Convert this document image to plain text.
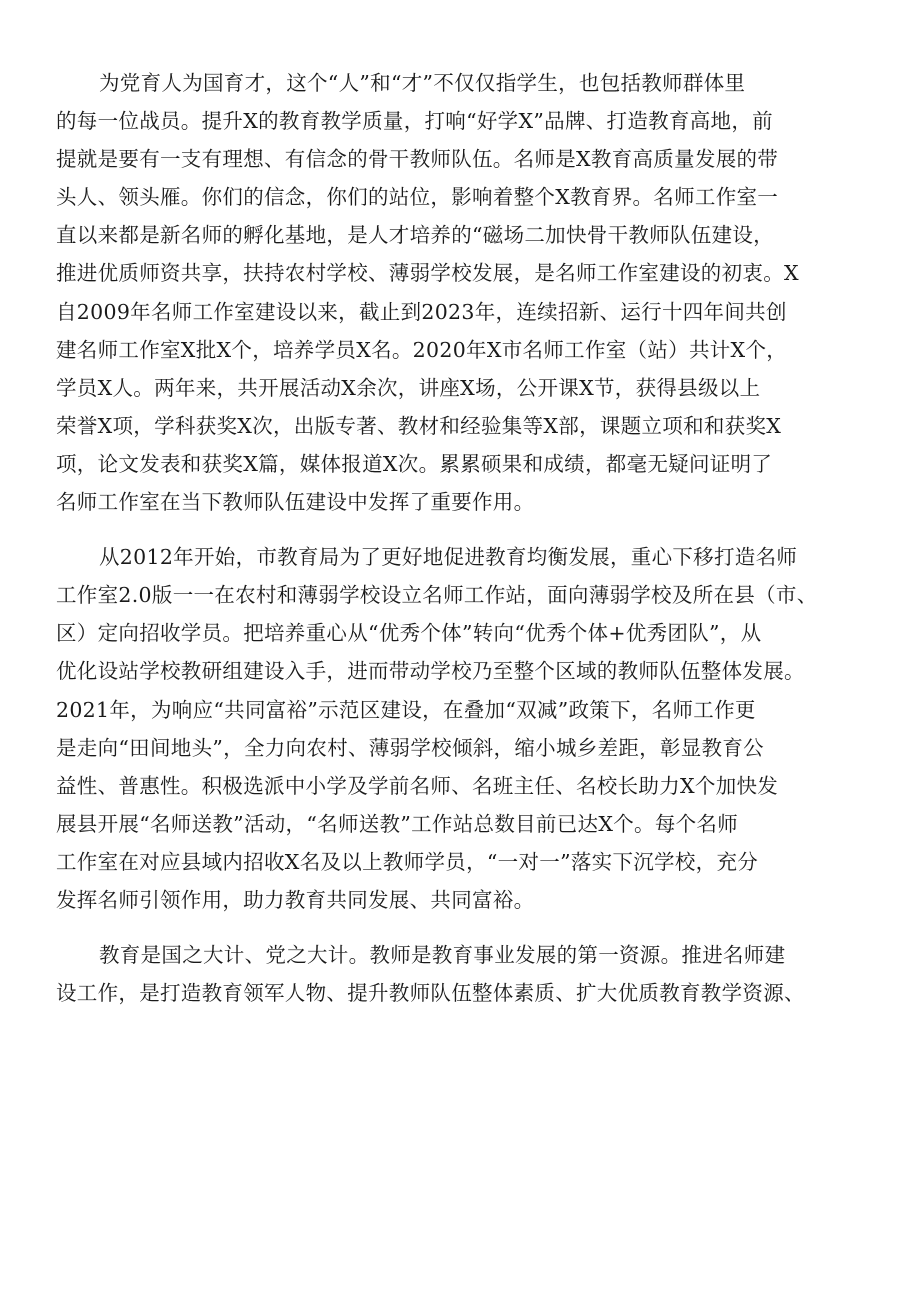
为党育人为国育才，这个“人”和“才”不仅仅指学生，也包括教师群体里
的每一位战员。提升X的教育教学质量，打响“好学X”品牌、打造教育高地，前
提就是要有一支有理想、有信念的骨干教师队伍。名师是X教育高质量发展的带
头人、领头雁。你们的信念，你们的站位，影响着整个X教育界。名师工作室一
直以来都是新名师的孵化基地，是人才培养的“磁场二加快骨干教师队伍建设，
推进优质师资共享，扶持农村学校、薄弱学校发展，是名师工作室建设的初衷。X
自2009年名师工作室建设以来，截止到2023年，连续招新、运行十四年间共创
建名师工作室X批X个，培养学员X名。2020年X市名师工作室（站）共计X个，
学员X人。两年来，共开展活动X余次，讲座X场，公开课X节，获得县级以上
荣誉X项，学科获奖X次，出版专著、教材和经验集等X部，课题立项和和获奖X
项，论文发表和获奖X篇，媒体报道X次。累累硕果和成绩，都毫无疑问证明了
名师工作室在当下教师队伍建设中发挥了重要作用。
从2012年开始，市教育局为了更好地促进教育均衡发展，重心下移打造名师
工作室2.0版一一在农村和薄弱学校设立名师工作站，面向薄弱学校及所在县（市、
区）定向招收学员。把培养重心从“优秀个体”转向“优秀个体+优秀团队”，从
优化设站学校教研组建设入手，进而带动学校乃至整个区域的教师队伍整体发展。
2021年，为响应“共同富裕”示范区建设，在叠加“双减”政策下，名师工作更
是走向“田间地头”，全力向农村、薄弱学校倾斜，缩小城乡差距，彰显教育公
益性、普惠性。积极选派中小学及学前名师、名班主任、名校长助力X个加快发
展县开展“名师送教”活动，“名师送教”工作站总数目前已达X个。每个名师
工作室在对应县域内招收X名及以上教师学员，“一对一”落实下沉学校，充分
发挥名师引领作用，助力教育共同发展、共同富裕。
教育是国之大计、党之大计。教师是教育事业发展的第一资源。推进名师建
设工作，是打造教育领军人物、提升教师队伍整体素质、扩大优质教育教学资源、
